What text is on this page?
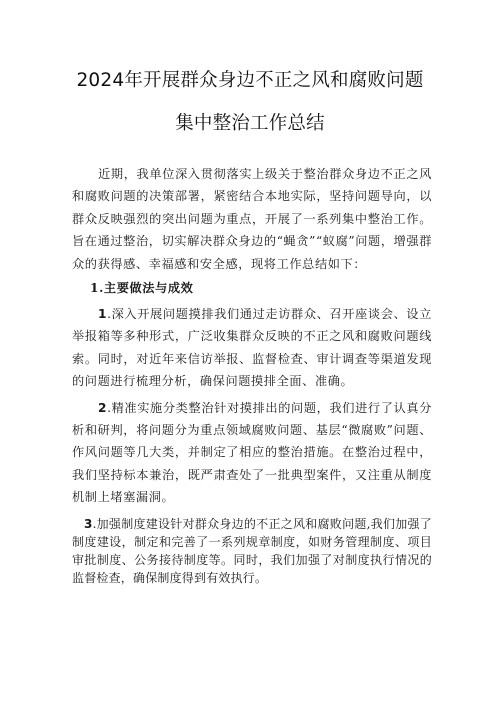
2024年开展群众身边不正之风和腐败问题
集中整治工作总结

近期，我单位深入贯彻落实上级关于整治群众身边不正之风和腐败问题的决策部署，紧密结合本地实际，坚持问题导向，以群众反映强烈的突出问题为重点，开展了一系列集中整治工作。旨在通过整治，切实解决群众身边的“蝇贪”“蚁腐”问题，增强群众的获得感、幸福感和安全感，现将工作总结如下：

1.主要做法与成效

1.深入开展问题摸排我们通过走访群众、召开座谈会、设立举报箱等多种形式，广泛收集群众反映的不正之风和腐败问题线索。同时，对近年来信访举报、监督检查、审计调查等渠道发现的问题进行梳理分析，确保问题摸排全面、准确。

2.精准实施分类整治针对摸排出的问题，我们进行了认真分析和研判，将问题分为重点领域腐败问题、基层“微腐败”问题、作风问题等几大类，并制定了相应的整治措施。在整治过程中，我们坚持标本兼治，既严肃查处了一批典型案件，又注重从制度机制上堵塞漏洞。

3.加强制度建设针对群众身边的不正之风和腐败问题,我们加强了制度建设，制定和完善了一系列规章制度，如财务管理制度、项目审批制度、公务接待制度等。同时，我们加强了对制度执行情况的监督检查，确保制度得到有效执行。
